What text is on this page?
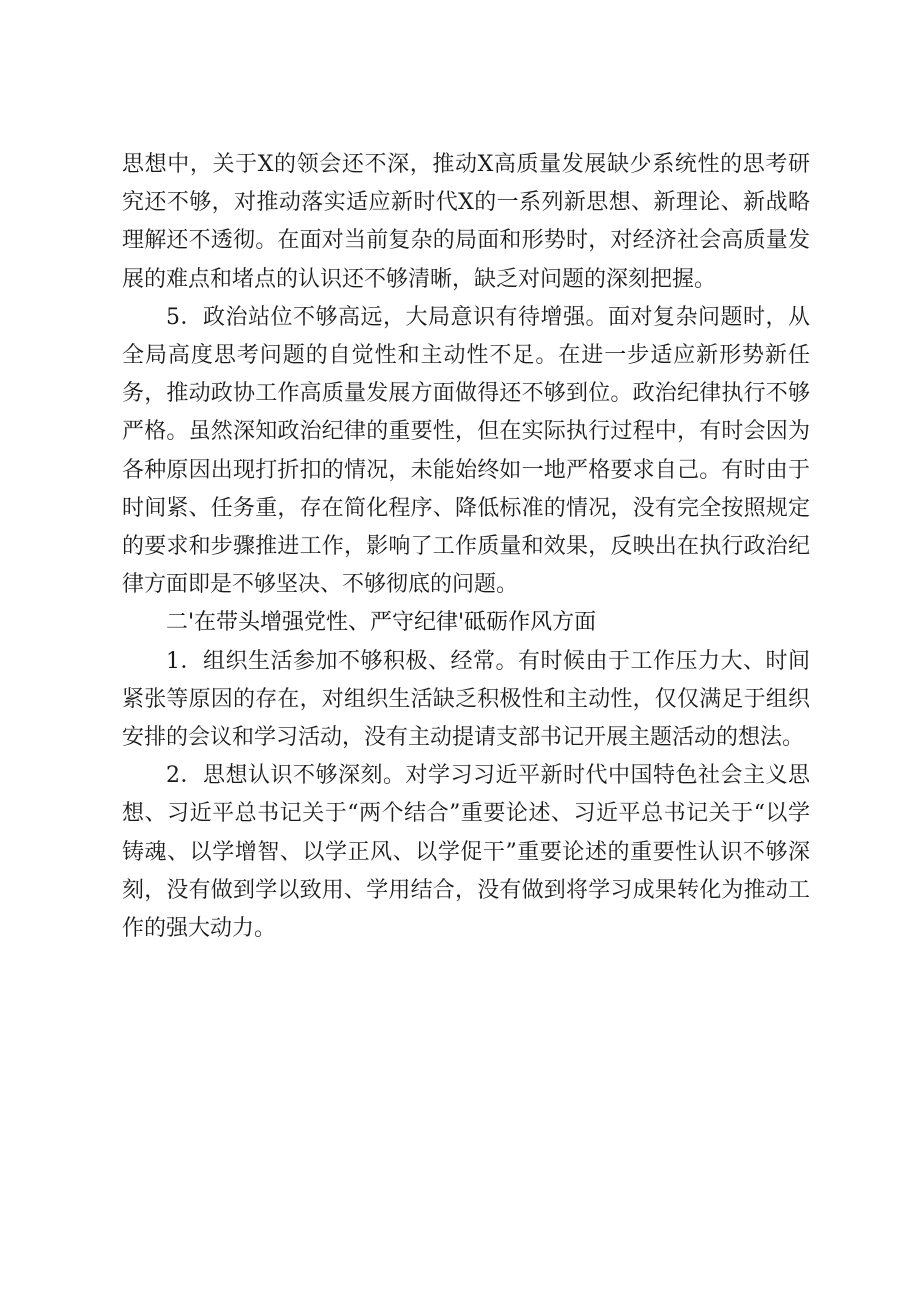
思想中，关于X的领会还不深，推动X高质量发展缺少系统性的思考研究还不够，对推动落实适应新时代X的一系列新思想、新理论、新战略理解还不透彻。在面对当前复杂的局面和形势时，对经济社会高质量发展的难点和堵点的认识还不够清晰，缺乏对问题的深刻把握。

5．政治站位不够高远，大局意识有待增强。面对复杂问题时，从全局高度思考问题的自觉性和主动性不足。在进一步适应新形势新任务，推动政协工作高质量发展方面做得还不够到位。政治纪律执行不够严格。虽然深知政治纪律的重要性，但在实际执行过程中，有时会因为各种原因出现打折扣的情况，未能始终如一地严格要求自己。有时由于时间紧、任务重，存在简化程序、降低标准的情况，没有完全按照规定的要求和步骤推进工作，影响了工作质量和效果，反映出在执行政治纪律方面即是不够坚决、不够彻底的问题。

二'在带头增强党性、严守纪律'砥砺作风方面

1．组织生活参加不够积极、经常。有时候由于工作压力大、时间紧张等原因的存在，对组织生活缺乏积极性和主动性，仅仅满足于组织安排的会议和学习活动，没有主动提请支部书记开展主题活动的想法。

2．思想认识不够深刻。对学习习近平新时代中国特色社会主义思想、习近平总书记关于“两个结合”重要论述、习近平总书记关于“以学铸魂、以学增智、以学正风、以学促干”重要论述的重要性认识不够深刻，没有做到学以致用、学用结合，没有做到将学习成果转化为推动工作的强大动力。
